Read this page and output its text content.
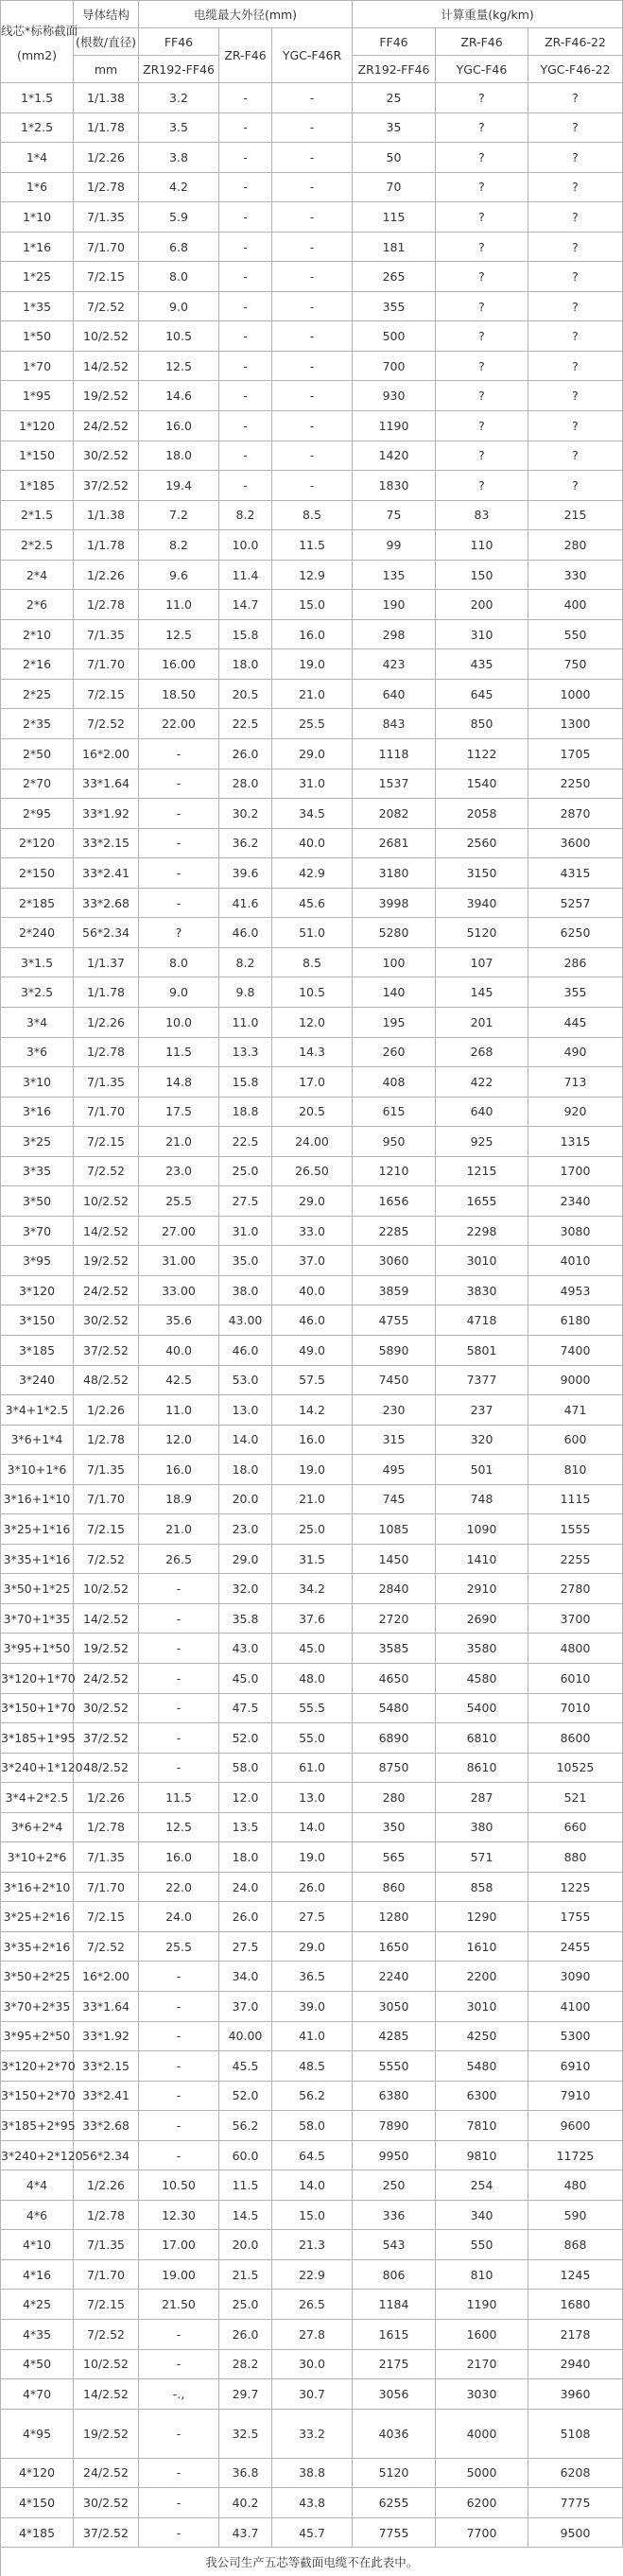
线芯*标称截面
(mm2)	导体结构	电缆最大外径(mm)			计算重量(kg/km)		
	(根数/直径)	FF46	ZR-F46	YGC-F46R	FF46	ZR-F46	ZR-F46-22
	mm	ZR192-FF46			ZR192-FF46	YGC-F46	YGC-F46-22
1*1.5	1/1.38	3.2	-	-	25	?	?
1*2.5	1/1.78	3.5	-	-	35	?	?
1*4	1/2.26	3.8	-	-	50	?	?
1*6	1/2.78	4.2	-	-	70	?	?
1*10	7/1.35	5.9	-	-	115	?	?
1*16	7/1.70	6.8	-	-	181	?	?
1*25	7/2.15	8.0	-	-	265	?	?
1*35	7/2.52	9.0	-	-	355	?	?
1*50	10/2.52	10.5	-	-	500	?	?
1*70	14/2.52	12.5	-	-	700	?	?
1*95	19/2.52	14.6	-	-	930	?	?
1*120	24/2.52	16.0	-	-	1190	?	?
1*150	30/2.52	18.0	-	-	1420	?	?
1*185	37/2.52	19.4	-	-	1830	?	?
2*1.5	1/1.38	7.2	8.2	8.5	75	83	215
2*2.5	1/1.78	8.2	10.0	11.5	99	110	280
2*4	1/2.26	9.6	11.4	12.9	135	150	330
2*6	1/2.78	11.0	14.7	15.0	190	200	400
2*10	7/1.35	12.5	15.8	16.0	298	310	550
2*16	7/1.70	16.00	18.0	19.0	423	435	750
2*25	7/2.15	18.50	20.5	21.0	640	645	1000
2*35	7/2.52	22.00	22.5	25.5	843	850	1300
2*50	16*2.00	-	26.0	29.0	1118	1122	1705
2*70	33*1.64	-	28.0	31.0	1537	1540	2250
2*95	33*1.92	-	30.2	34.5	2082	2058	2870
2*120	33*2.15	-	36.2	40.0	2681	2560	3600
2*150	33*2.41	-	39.6	42.9	3180	3150	4315
2*185	33*2.68	-	41.6	45.6	3998	3940	5257
2*240	56*2.34	?	46.0	51.0	5280	5120	6250
3*1.5	1/1.37	8.0	8.2	8.5	100	107	286
3*2.5	1/1.78	9.0	9.8	10.5	140	145	355
3*4	1/2.26	10.0	11.0	12.0	195	201	445
3*6	1/2.78	11.5	13.3	14.3	260	268	490
3*10	7/1.35	14.8	15.8	17.0	408	422	713
3*16	7/1.70	17.5	18.8	20.5	615	640	920
3*25	7/2.15	21.0	22.5	24.00	950	925	1315
3*35	7/2.52	23.0	25.0	26.50	1210	1215	1700
3*50	10/2.52	25.5	27.5	29.0	1656	1655	2340
3*70	14/2.52	27.00	31.0	33.0	2285	2298	3080
3*95	19/2.52	31.00	35.0	37.0	3060	3010	4010
3*120	24/2.52	33.00	38.0	40.0	3859	3830	4953
3*150	30/2.52	35.6	43.00	46.0	4755	4718	6180
3*185	37/2.52	40.0	46.0	49.0	5890	5801	7400
3*240	48/2.52	42.5	53.0	57.5	7450	7377	9000
3*4+1*2.5	1/2.26	11.0	13.0	14.2	230	237	471
3*6+1*4	1/2.78	12.0	14.0	16.0	315	320	600
3*10+1*6	7/1.35	16.0	18.0	19.0	495	501	810
3*16+1*10	7/1.70	18.9	20.0	21.0	745	748	1115
3*25+1*16	7/2.15	21.0	23.0	25.0	1085	1090	1555
3*35+1*16	7/2.52	26.5	29.0	31.5	1450	1410	2255
3*50+1*25	10/2.52	-	32.0	34.2	2840	2910	2780
3*70+1*35	14/2.52	-	35.8	37.6	2720	2690	3700
3*95+1*50	19/2.52	-	43.0	45.0	3585	3580	4800
3*120+1*70	24/2.52	-	45.0	48.0	4650	4580	6010
3*150+1*70	30/2.52	-	47.5	55.5	5480	5400	7010
3*185+1*95	37/2.52	-	52.0	55.0	6890	6810	8600
3*240+1*120	48/2.52	-	58.0	61.0	8750	8610	10525
3*4+2*2.5	1/2.26	11.5	12.0	13.0	280	287	521
3*6+2*4	1/2.78	12.5	13.5	14.0	350	380	660
3*10+2*6	7/1.35	16.0	18.0	19.0	565	571	880
3*16+2*10	7/1.70	22.0	24.0	26.0	860	858	1225
3*25+2*16	7/2.15	24.0	26.0	27.5	1280	1290	1755
3*35+2*16	7/2.52	25.5	27.5	29.0	1650	1610	2455
3*50+2*25	16*2.00	-	34.0	36.5	2240	2200	3090
3*70+2*35	33*1.64	-	37.0	39.0	3050	3010	4100
3*95+2*50	33*1.92	-	40.00	41.0	4285	4250	5300
3*120+2*70	33*2.15	-	45.5	48.5	5550	5480	6910
3*150+2*70	33*2.41	-	52.0	56.2	6380	6300	7910
3*185+2*95	33*2.68	-	56.2	58.0	7890	7810	9600
3*240+2*120	56*2.34	-	60.0	64.5	9950	9810	11725
4*4	1/2.26	10.50	11.5	14.0	250	254	480
4*6	1/2.78	12.30	14.5	15.0	336	340	590
4*10	7/1.35	17.00	20.0	21.3	543	550	868
4*16	7/1.70	19.00	21.5	22.9	806	810	1245
4*25	7/2.15	21.50	25.0	26.5	1184	1190	1680
4*35	7/2.52	-	26.0	27.8	1615	1600	2178
4*50	10/2.52	-	28.2	30.0	2175	2170	2940
4*70	14/2.52	-.,	29.7	30.7	3056	3030	3960
4*95	19/2.52	-	32.5	33.2	4036	4000	5108
4*120	24/2.52	-	36.8	38.8	5120	5000	6208
4*150	30/2.52	-	40.2	43.8	6255	6200	7775
4*185	37/2.52	-	43.7	45.7	7755	7700	9500
我公司生产五芯等截面电缆不在此表中。							
